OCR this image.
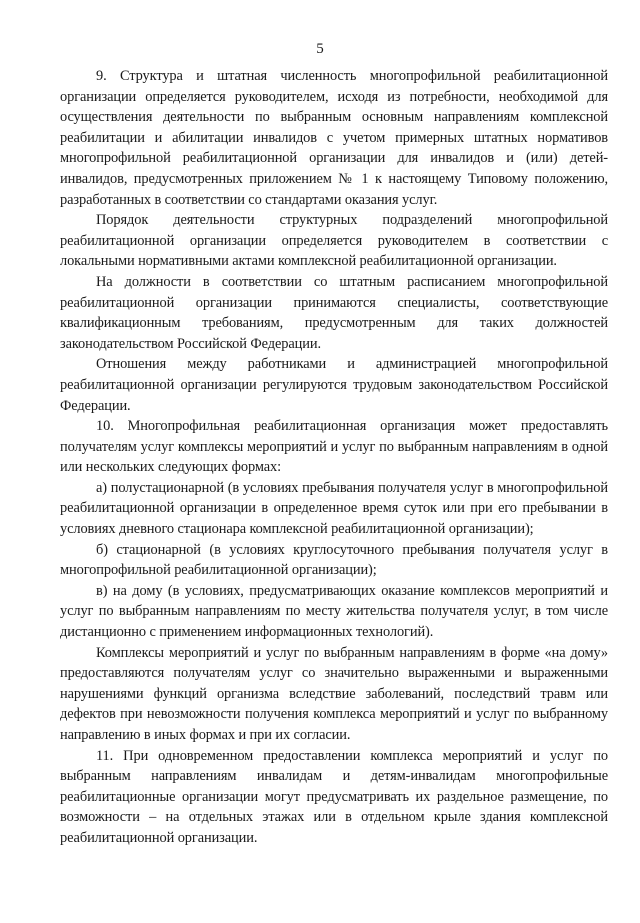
5

9. Структура и штатная численность многопрофильной реабилитационной организации определяется руководителем, исходя из потребности, необходимой для осуществления деятельности по выбранным основным направлениям комплексной реабилитации и абилитации инвалидов с учетом примерных штатных нормативов многопрофильной реабилитационной организации для инвалидов и (или) детей-инвалидов, предусмотренных приложением № 1 к настоящему Типовому положению, разработанных в соответствии со стандартами оказания услуг.

Порядок деятельности структурных подразделений многопрофильной реабилитационной организации определяется руководителем в соответствии с локальными нормативными актами комплексной реабилитационной организации.

На должности в соответствии со штатным расписанием многопрофильной реабилитационной организации принимаются специалисты, соответствующие квалификационным требованиям, предусмотренным для таких должностей законодательством Российской Федерации.

Отношения между работниками и администрацией многопрофильной реабилитационной организации регулируются трудовым законодательством Российской Федерации.

10. Многопрофильная реабилитационная организация может предоставлять получателям услуг комплексы мероприятий и услуг по выбранным направлениям в одной или нескольких следующих формах:

а) полустационарной (в условиях пребывания получателя услуг в многопрофильной реабилитационной организации в определенное время суток или при его пребывании в условиях дневного стационара комплексной реабилитационной организации);

б) стационарной (в условиях круглосуточного пребывания получателя услуг в многопрофильной реабилитационной организации);

в) на дому (в условиях, предусматривающих оказание комплексов мероприятий и услуг по выбранным направлениям по месту жительства получателя услуг, в том числе дистанционно с применением информационных технологий).

Комплексы мероприятий и услуг по выбранным направлениям в форме «на дому» предоставляются получателям услуг со значительно выраженными и выраженными нарушениями функций организма вследствие заболеваний, последствий травм или дефектов при невозможности получения комплекса мероприятий и услуг по выбранному направлению в иных формах и при их согласии.

11. При одновременном предоставлении комплекса мероприятий и услуг по выбранным направлениям инвалидам и детям-инвалидам многопрофильные реабилитационные организации могут предусматривать их раздельное размещение, по возможности – на отдельных этажах или в отдельном крыле здания комплексной реабилитационной организации.
